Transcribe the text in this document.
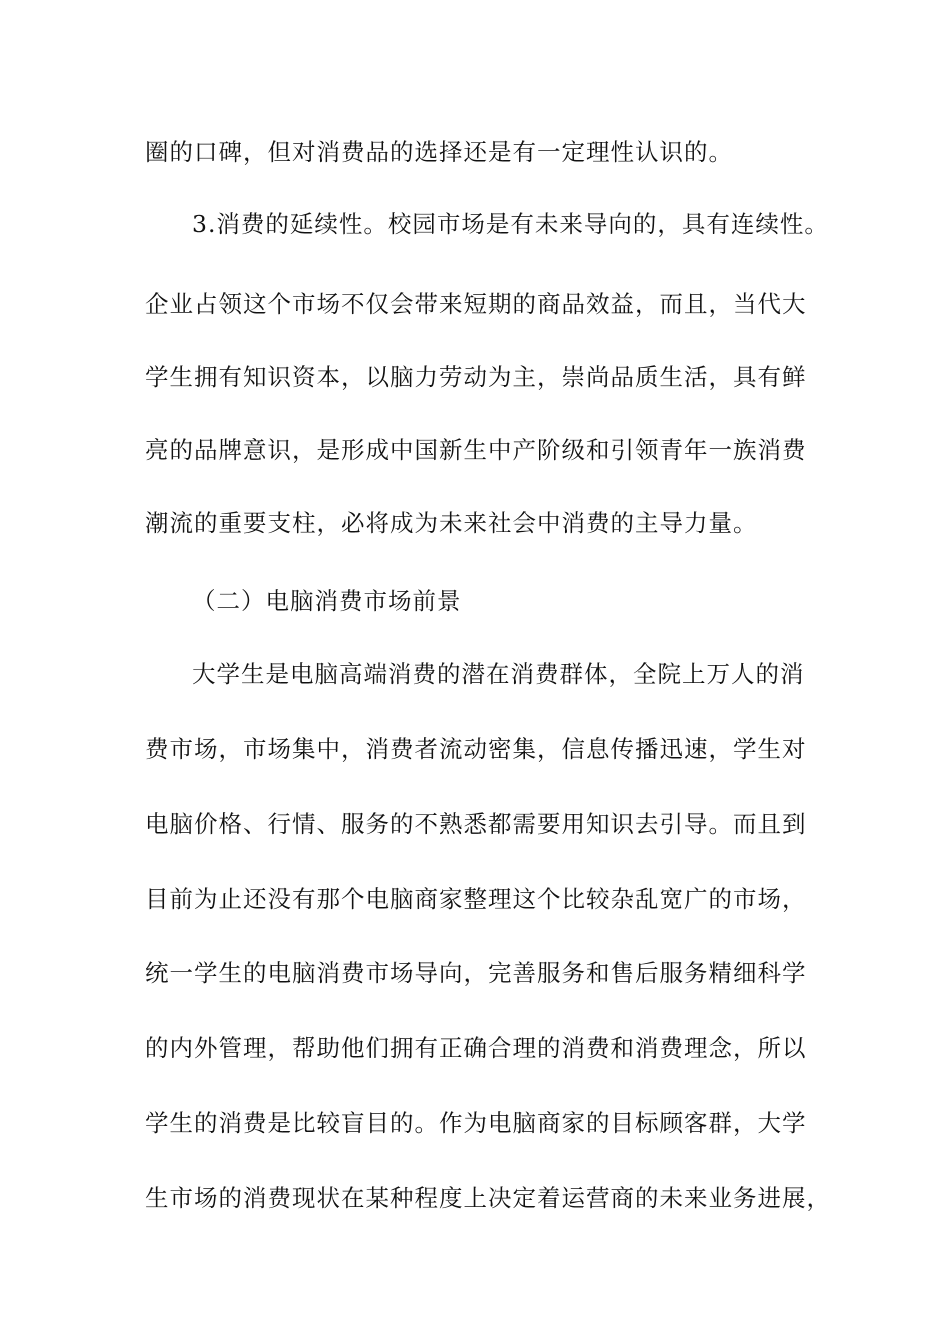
圈的口碑，但对消费品的选择还是有一定理性认识的。
3.消费的延续性。校园市场是有未来导向的，具有连续性。
企业占领这个市场不仅会带来短期的商品效益，而且，当代大
学生拥有知识资本，以脑力劳动为主，崇尚品质生活，具有鲜
亮的品牌意识，是形成中国新生中产阶级和引领青年一族消费
潮流的重要支柱，必将成为未来社会中消费的主导力量。
（二）电脑消费市场前景
大学生是电脑高端消费的潜在消费群体，全院上万人的消
费市场，市场集中，消费者流动密集，信息传播迅速，学生对
电脑价格、行情、服务的不熟悉都需要用知识去引导。而且到
目前为止还没有那个电脑商家整理这个比较杂乱宽广的市场，
统一学生的电脑消费市场导向，完善服务和售后服务精细科学
的内外管理，帮助他们拥有正确合理的消费和消费理念，所以
学生的消费是比较盲目的。作为电脑商家的目标顾客群，大学
生市场的消费现状在某种程度上决定着运营商的未来业务进展，
